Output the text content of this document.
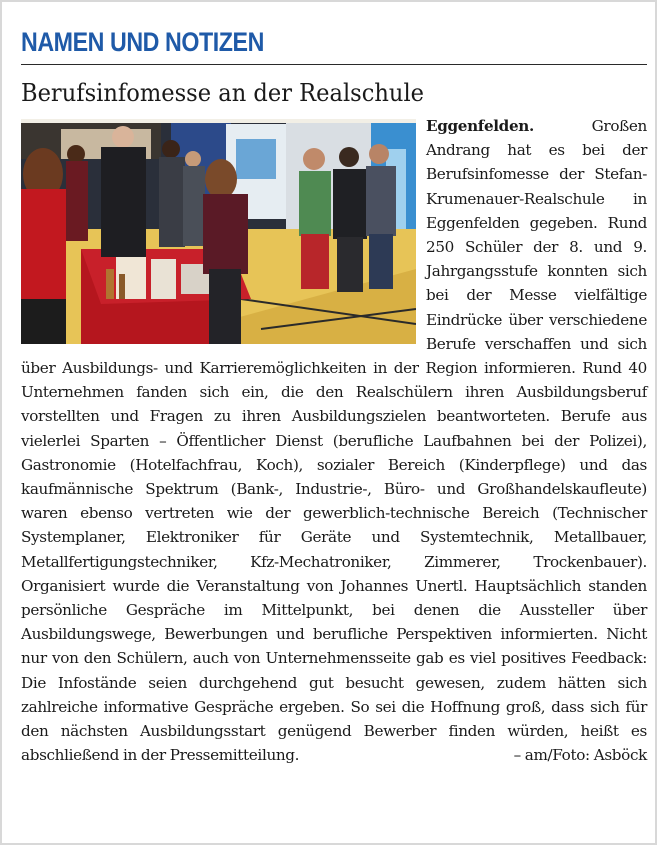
NAMEN UND NOTIZEN
Berufsinfomesse an der Realschule
Eggenfelden. Großen Andrang hat es bei der Berufsinfomesse der Stefan-Krumenauer-Realschule in Eggenfelden gegeben. Rund 250 Schüler der 8. und 9. Jahrgangsstufe konnten sich bei der Messe vielfältige Eindrücke über verschiedene Berufe verschaffen und sich über Ausbildungs- und Karrieremöglichkeiten in der Region informieren. Rund 40 Unternehmen fanden sich ein, die den Realschülern ihren Ausbildungsberuf vorstellten und Fragen zu ihren Ausbildungszielen beantworteten. Berufe aus vielerlei Sparten – Öffentlicher Dienst (berufliche Laufbahnen bei der Polizei), Gastronomie (Hotelfachfrau, Koch), sozialer Bereich (Kinderpflege) und das kaufmännische Spektrum (Bank-, Industrie-, Büro- und Großhandelskaufleute) waren ebenso vertreten wie der gewerblich-technische Bereich (Technischer Systemplaner, Elektroniker für Geräte und Systemtechnik, Metallbauer, Metallfertigungstechniker, Kfz-Mechatroniker, Zimmerer, Trockenbauer). Organisiert wurde die Veranstaltung von Johannes Unertl. Hauptsächlich standen persönliche Gespräche im Mittelpunkt, bei denen die Aussteller über Ausbildungswege, Bewerbungen und berufliche Perspektiven informierten. Nicht nur von den Schülern, auch von Unternehmensseite gab es viel positives Feedback: Die Infostände seien durchgehend gut besucht gewesen, zudem hätten sich zahlreiche informative Gespräche ergeben. So sei die Hoffnung groß, dass sich für den nächsten Ausbildungsstart genügend Bewerber finden würden, heißt es abschließend in der Pressemitteilung.	– am/Foto: Asböck
